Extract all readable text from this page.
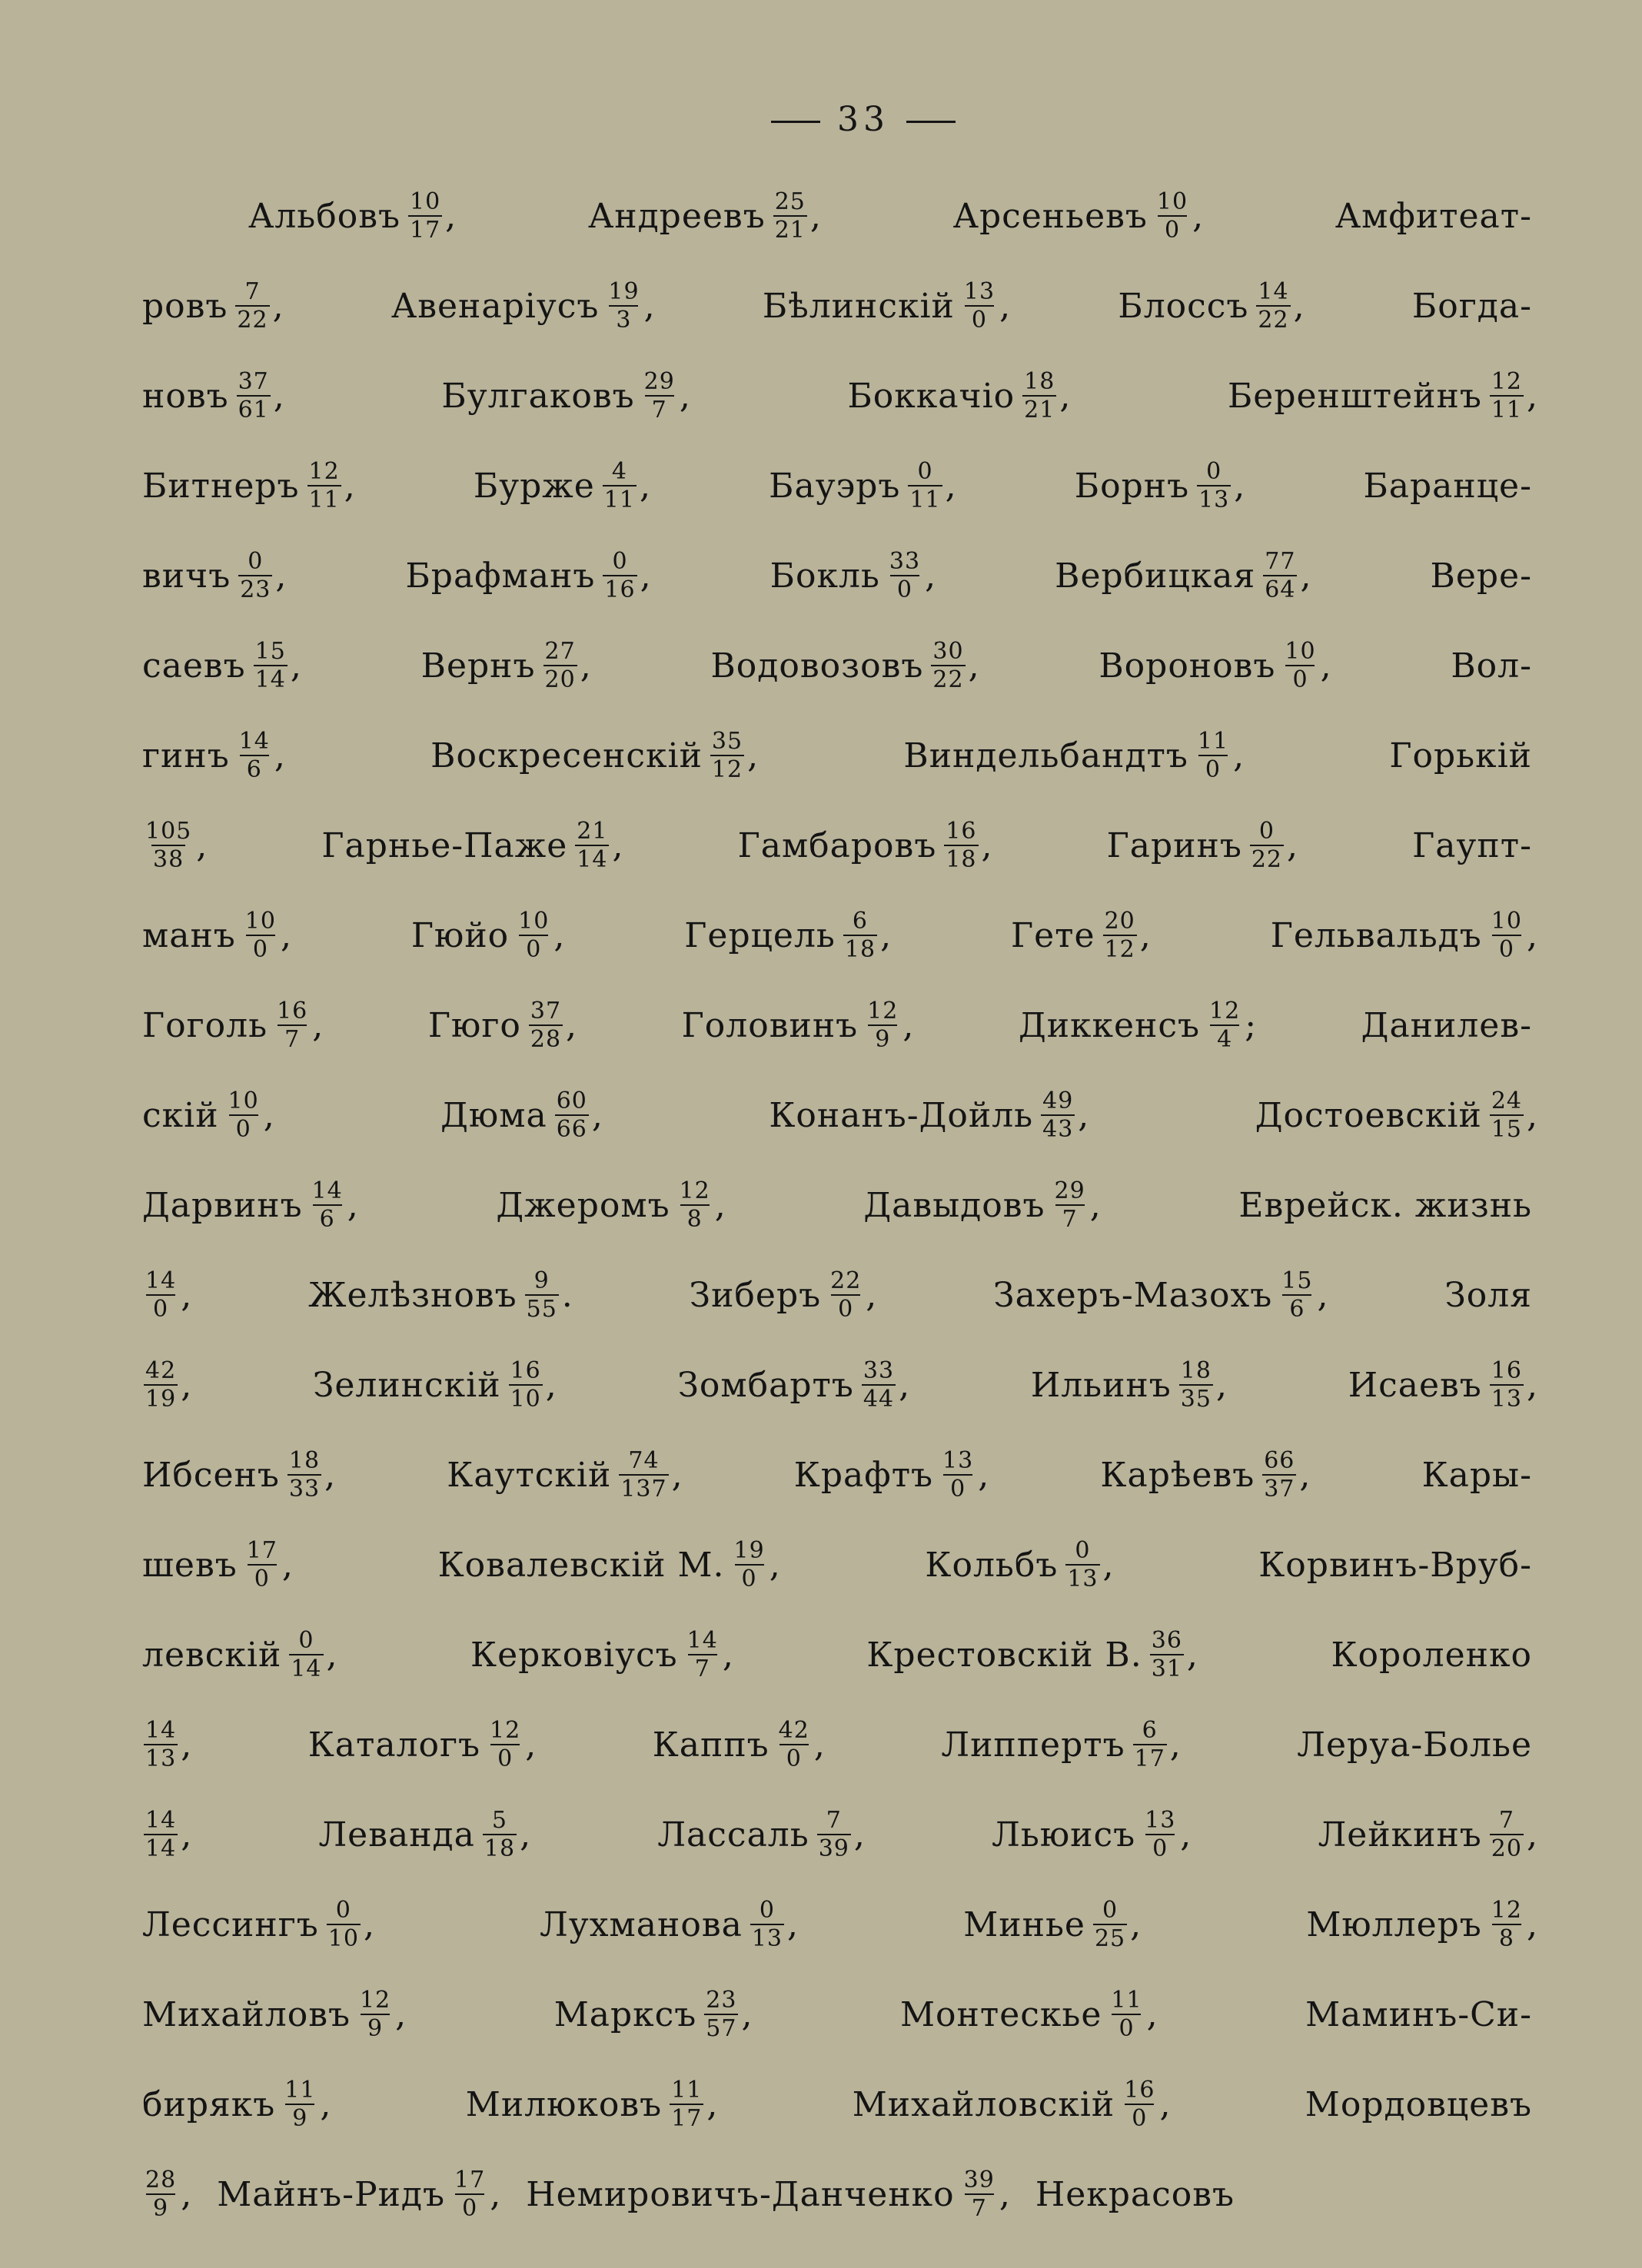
33
Альбовъ $\frac{10}{17}$ ,	Андреевъ $\frac{25}{21}$ ,	Арсеньевъ $\frac{10}{0}$ ,	Амфитеат-
ровъ $\frac{7}{22}$ ,	Авенаріусъ $\frac{19}{3}$ ,	Бѣлинскій $\frac{13}{0}$ ,	Блоссъ $\frac{14}{22}$ ,	Богда-
новъ $\frac{37}{61}$ ,	Булгаковъ $\frac{29}{7}$ ,	Боккачіо $\frac{18}{21}$ ,	Беренштейнъ $\frac{12}{11}$ ,
Битнеръ $\frac{12}{11}$ ,	Бурже $\frac{4}{11}$ ,	Бауэръ $\frac{0}{11}$ ,	Борнъ $\frac{0}{13}$ ,	Баранце-
вичъ $\frac{0}{23}$ ,	Брафманъ $\frac{0}{16}$ ,	Бокль $\frac{33}{0}$ ,	Вербицкая $\frac{77}{64}$ ,	Вере-
саевъ $\frac{15}{14}$ ,	Вернъ $\frac{27}{20}$ ,	Водовозовъ $\frac{30}{22}$ ,	Вороновъ $\frac{10}{0}$ ,	Вол-
гинъ $\frac{14}{6}$ ,	Воскресенскій $\frac{35}{12}$ ,	Виндельбандтъ $\frac{11}{0}$ ,	Горькій
$\frac{105}{38}$ ,	Гарнье-Паже $\frac{21}{14}$ ,	Гамбаровъ $\frac{16}{18}$ ,	Гаринъ $\frac{0}{22}$ ,	Гаупт-
манъ $\frac{10}{0}$ ,	Гюйо $\frac{10}{0}$ ,	Герцель $\frac{6}{18}$ ,	Гете $\frac{20}{12}$ ,	Гельвальдъ $\frac{10}{0}$ ,
Гоголь $\frac{16}{7}$ ,	Гюго $\frac{37}{28}$ ,	Головинъ $\frac{12}{9}$ ,	Диккенсъ $\frac{12}{4}$ ;	Данилев-
скій $\frac{10}{0}$ ,	Дюма $\frac{60}{66}$ ,	Конанъ-Дойль $\frac{49}{43}$ ,	Достоевскій $\frac{24}{15}$ ,
Дарвинъ $\frac{14}{6}$ ,	Джеромъ $\frac{12}{8}$ ,	Давыдовъ $\frac{29}{7}$ ,	Еврейск. жизнь
$\frac{14}{0}$ ,	Желѣзновъ $\frac{9}{55}$ .	Зиберъ $\frac{22}{0}$ ,	Захеръ-Мазохъ $\frac{15}{6}$ ,	Золя
$\frac{42}{19}$ ,	Зелинскій $\frac{16}{10}$ ,	Зомбартъ $\frac{33}{44}$ ,	Ильинъ $\frac{18}{35}$ ,	Исаевъ $\frac{16}{13}$ ,
Ибсенъ $\frac{18}{33}$ ,	Каутскій $\frac{74}{137}$ ,	Крафтъ $\frac{13}{0}$ ,	Карѣевъ $\frac{66}{37}$ ,	Кары-
шевъ $\frac{17}{0}$ ,	Ковалевскій М. $\frac{19}{0}$ ,	Кольбъ $\frac{0}{13}$ ,	Корвинъ-Вруб-
левскій $\frac{0}{14}$ ,	Керковіусъ $\frac{14}{7}$ ,	Крестовскій В. $\frac{36}{31}$ ,	Короленко
$\frac{14}{13}$ ,	Каталогъ $\frac{12}{0}$ ,	Каппъ $\frac{42}{0}$ ,	Липпертъ $\frac{6}{17}$ ,	Леруа-Болье
$\frac{14}{14}$ ,	Леванда $\frac{5}{18}$ ,	Лассаль $\frac{7}{39}$ ,	Льюисъ $\frac{13}{0}$ ,	Лейкинъ $\frac{7}{20}$ ,
Лессингъ $\frac{0}{10}$ ,	Лухманова $\frac{0}{13}$ ,	Минье $\frac{0}{25}$ ,	Мюллеръ $\frac{12}{8}$ ,
Михайловъ $\frac{12}{9}$ ,	Марксъ $\frac{23}{57}$ ,	Монтескье $\frac{11}{0}$ ,	Маминъ-Си-
бирякъ $\frac{11}{9}$ ,	Милюковъ $\frac{11}{17}$ ,	Михайловскій $\frac{16}{0}$ ,	Мордовцевъ
$\frac{28}{9}$ , Майнъ-Ридъ $\frac{17}{0}$ , Немировичъ-Данченко $\frac{39}{7}$ , Некрасовъ
